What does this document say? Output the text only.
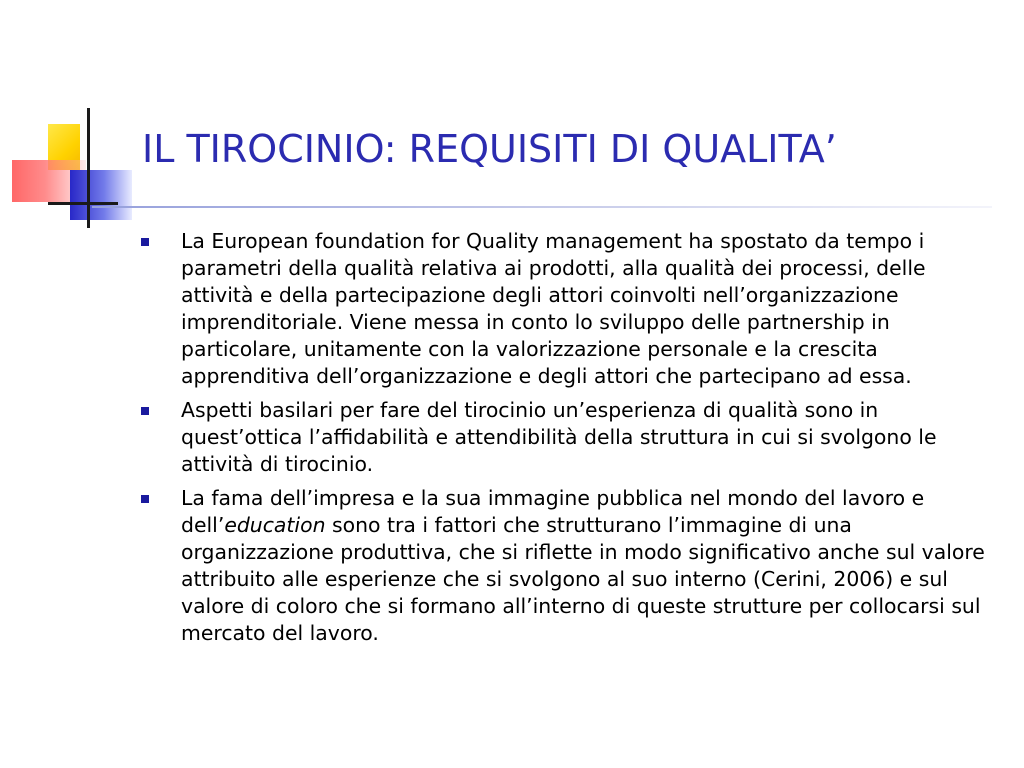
IL TIROCINIO: REQUISITI DI QUALITA’
La European foundation for Quality management ha spostato da tempo i parametri della qualità relativa ai prodotti, alla qualità dei processi, delle attività e della partecipazione degli attori coinvolti nell’organizzazione imprenditoriale. Viene messa in conto lo sviluppo delle partnership in particolare, unitamente con la valorizzazione personale e la crescita apprenditiva dell’organizzazione e degli attori che partecipano ad essa.
Aspetti basilari per fare del tirocinio un’esperienza di qualità sono in quest’ottica l’affidabilità e attendibilità della struttura in cui si svolgono le attività di tirocinio.
La fama dell’impresa e la sua immagine pubblica nel mondo del lavoro e dell’education sono tra i fattori che strutturano l’immagine di una organizzazione produttiva, che si riflette in modo significativo anche sul valore attribuito alle esperienze che si svolgono al suo interno (Cerini, 2006) e sul valore di coloro che si formano all’interno di queste strutture per collocarsi sul mercato del lavoro.
